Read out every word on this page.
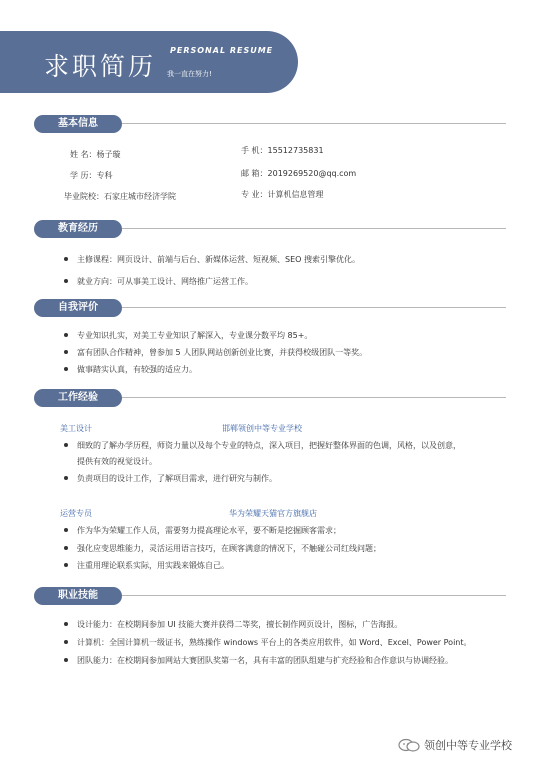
求职简历
PERSONAL RESUME
我一直在努力!
基本信息
姓 名：杨子璇
学 历：专科
毕业院校：石家庄城市经济学院
手 机：15512735831
邮 箱：2019269520@qq.com
专 业：计算机信息管理
教育经历
主修课程：网页设计、前端与后台、新媒体运营、短视频、SEO 搜索引擎优化。
就业方向：可从事美工设计、网络推广运营工作。
自我评价
专业知识扎实，对美工专业知识了解深入，专业课分数平均 85+。
富有团队合作精神，曾参加 5 人团队网站创新创业比赛，并获得校级团队一等奖。
做事踏实认真，有较强的适应力。
工作经验
美工设计	邯郸领创中等专业学校
细致的了解办学历程，师资力量以及每个专业的特点，深入项目，把握好整体界面的色调，风格，以及创意，
提供有效的视觉设计。
负责项目的设计工作，了解项目需求，进行研究与制作。
运营专员	华为荣耀天猫官方旗舰店
作为华为荣耀工作人员，需要努力提高理论水平，要不断是挖掘顾客需求；
强化应变思维能力，灵活运用语言技巧，在顾客满意的情况下，不触碰公司红线问题；
注重用理论联系实际，用实践来锻炼自己。
职业技能
设计能力：在校期间参加 UI 技能大赛并获得二等奖，擅长制作网页设计，图标，广告海报。
计算机：全国计算机一级证书，熟练操作 windows 平台上的各类应用软件，如 Word、Excel、Power Point。
团队能力：在校期间参加网站大赛团队奖第一名，具有丰富的团队组建与扩充经验和合作意识与协调经验。
领创中等专业学校
